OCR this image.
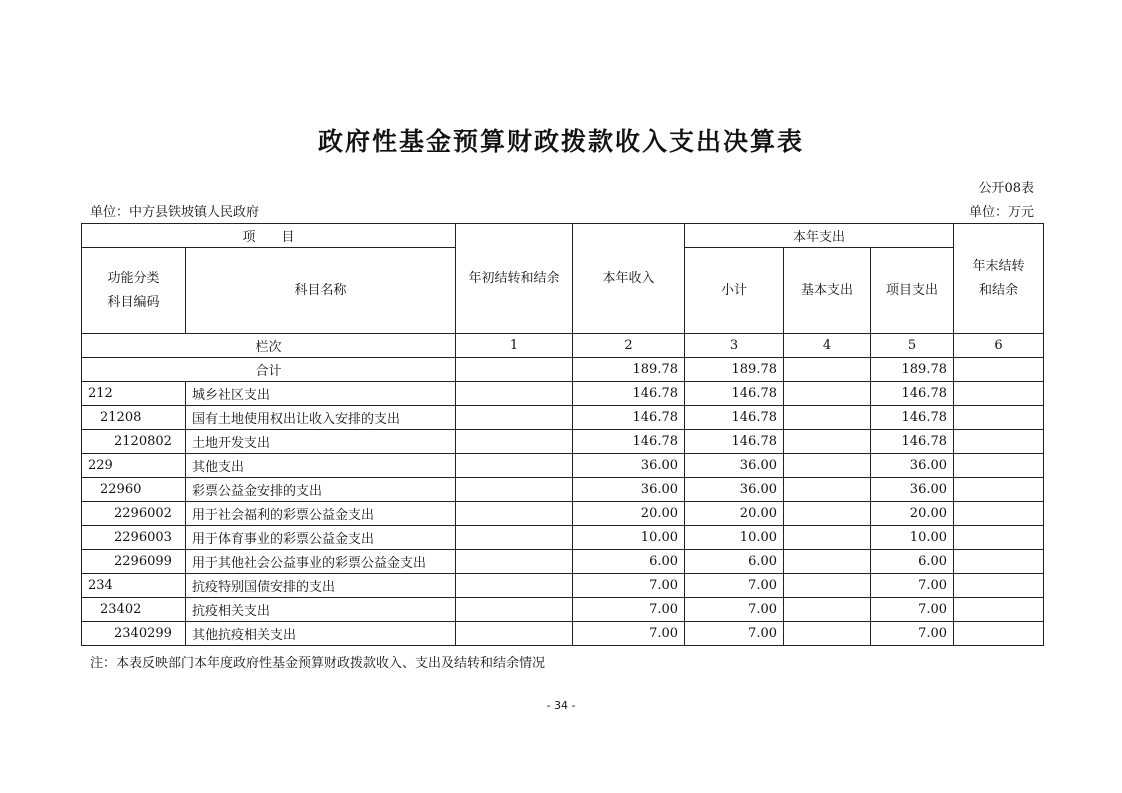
政府性基金预算财政拨款收入支出决算表
公开08表
单位：中方县铁坡镇人民政府	单位：万元
项　　目		年初结转和结余	本年收入	本年支出			年末结转
和结余
功能分类
科目编码	科目名称			小计	基本支出	项目支出	
栏次		1	2	3	4	5	6
合计			189.78	189.78		189.78	
212	城乡社区支出		146.78	146.78		146.78	
21208	国有土地使用权出让收入安排的支出		146.78	146.78		146.78	
2120802	土地开发支出		146.78	146.78		146.78	
229	其他支出		36.00	36.00		36.00	
22960	彩票公益金安排的支出		36.00	36.00		36.00	
2296002	用于社会福利的彩票公益金支出		20.00	20.00		20.00	
2296003	用于体育事业的彩票公益金支出		10.00	10.00		10.00	
2296099	用于其他社会公益事业的彩票公益金支出		6.00	6.00		6.00	
234	抗疫特别国债安排的支出		7.00	7.00		7.00	
23402	抗疫相关支出		7.00	7.00		7.00	
2340299	其他抗疫相关支出		7.00	7.00		7.00	
注：本表反映部门本年度政府性基金预算财政拨款收入、支出及结转和结余情况
- 34 -
